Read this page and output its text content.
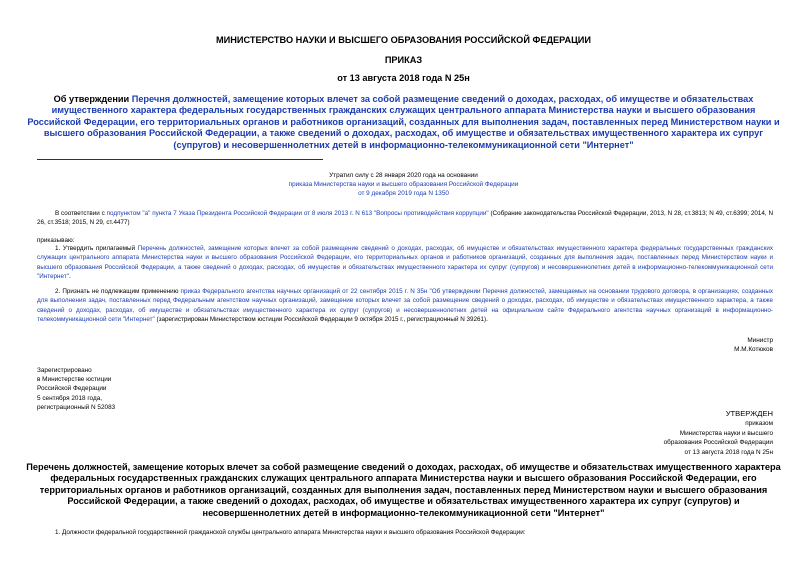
МИНИСТЕРСТВО НАУКИ И ВЫСШЕГО ОБРАЗОВАНИЯ РОССИЙСКОЙ ФЕДЕРАЦИИ
ПРИКАЗ
от 13 августа 2018 года N 25н
Об утверждении Перечня должностей, замещение которых влечет за собой размещение сведений о доходах, расходах, об имуществе и обязательствах имущественного характера федеральных государственных гражданских служащих центрального аппарата Министерства науки и высшего образования Российской Федерации, его территориальных органов и работников организаций, созданных для выполнения задач, поставленных перед Министерством науки и высшего образования Российской Федерации, а также сведений о доходах, расходах, об имуществе и обязательствах имущественного характера их супруг (супругов) и несовершеннолетних детей в информационно-телекоммуникационной сети "Интернет"
Утратил силу с 28 января 2020 года на основании
приказа Министерства науки и высшего образования Российской Федерации
от 9 декабря 2019 года N 1350
В соответствии с подпунктом "а" пункта 7 Указа Президента Российской Федерации от 8 июля 2013 г. N 613 "Вопросы противодействия коррупции" (Собрание законодательства Российской Федерации, 2013, N 28, ст.3813; N 49, ст.6399; 2014, N 26, ст.3518; 2015, N 29, ст.4477)
приказываю:
1. Утвердить прилагаемый Перечень должностей, замещение которых влечет за собой размещение сведений о доходах, расходах, об имуществе и обязательствах имущественного характера федеральных государственных гражданских служащих центрального аппарата Министерства науки и высшего образования Российской Федерации, его территориальных органов и работников организаций, созданных для выполнения задач, поставленных перед Министерством науки и высшего образования Российской Федерации, а также сведений о доходах, расходах, об имуществе и обязательствах имущественного характера их супруг (супругов) и несовершеннолетних детей в информационно-телекоммуникационной сети "Интернет".
2. Признать не подлежащим применению приказ Федерального агентства научных организаций от 22 сентября 2015 г. N 35н "Об утверждении Перечня должностей, замещаемых на основании трудового договора, в организациях, созданных для выполнения задач, поставленных перед Федеральным агентством научных организаций, замещение которых влечет за собой размещение сведений о доходах, расходах, об имуществе и обязательствах имущественного характера, а также сведений о доходах, расходах, об имуществе и обязательствах имущественного характера их супруг (супругов) и несовершеннолетних детей на официальном сайте Федерального агентства научных организаций в информационно-телекоммуникационной сети "Интернет" (зарегистрирован Министерством юстиции Российской Федерации 9 октября 2015 г., регистрационный N 39261).
Министр
М.М.Котюков
Зарегистрировано
в Министерстве юстиции
Российской Федерации
5 сентября 2018 года,
регистрационный N 52083
УТВЕРЖДЕН
приказом
Министерства науки и высшего
образования Российской Федерации
от 13 августа 2018 года N 25н
Перечень должностей, замещение которых влечет за собой размещение сведений о доходах, расходах, об имуществе и обязательствах имущественного характера федеральных государственных гражданских служащих центрального аппарата Министерства науки и высшего образования Российской Федерации, его территориальных органов и работников организаций, созданных для выполнения задач, поставленных перед Министерством науки и высшего образования Российской Федерации, а также сведений о доходах, расходах, об имуществе и обязательствах имущественного характера их супруг (супругов) и несовершеннолетних детей в информационно-телекоммуникационной сети "Интернет"
1. Должности федеральной государственной гражданской службы центрального аппарата Министерства науки и высшего образования Российской Федерации:
